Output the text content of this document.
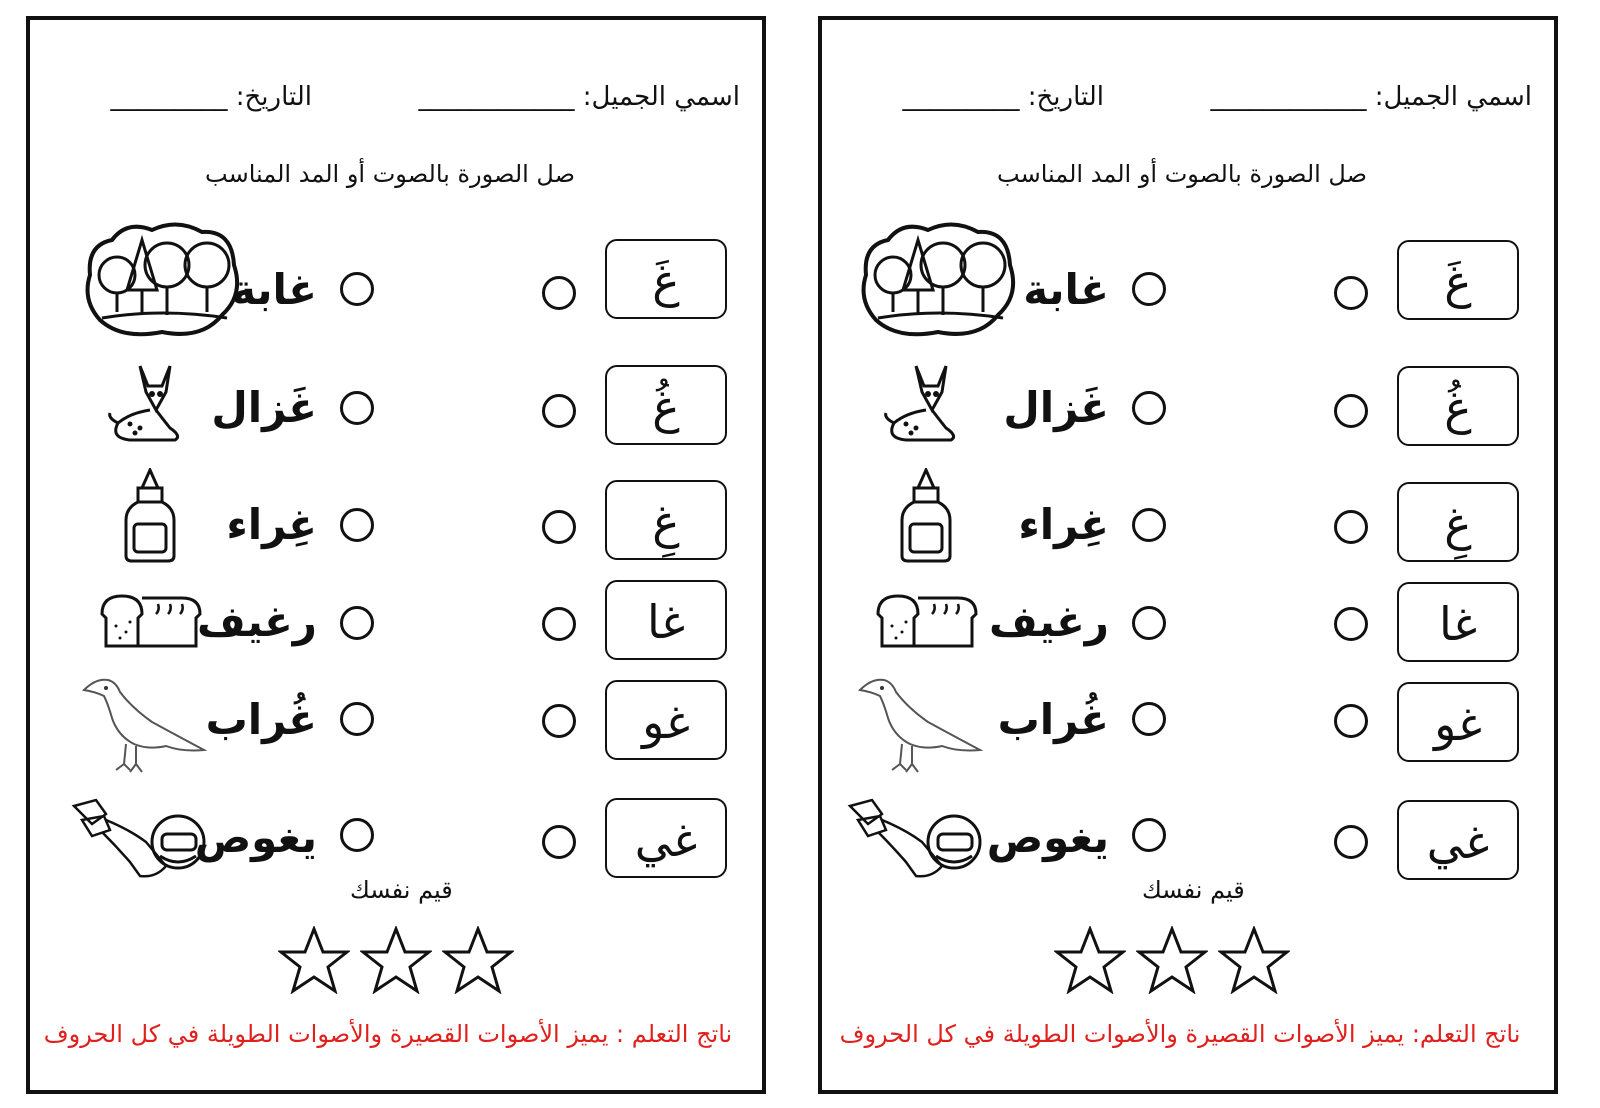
اسمي الجميل: ____________
التاريخ: _________
صل الصورة بالصوت أو المد المناسب
غَ
غابة
غُ
غَزال
غِ
غِراء
غا
رغيف
غو
غُراب
غي
يغوص
قيم نفسك
ناتج التعلم : يميز الأصوات القصيرة والأصوات الطويلة في كل الحروف
اسمي الجميل: ____________
التاريخ: _________
صل الصورة بالصوت أو المد المناسب
غَ
غابة
غُ
غَزال
غِ
غِراء
غا
رغيف
غو
غُراب
غي
يغوص
قيم نفسك
ناتج التعلم: يميز الأصوات القصيرة والأصوات الطويلة في كل الحروف
